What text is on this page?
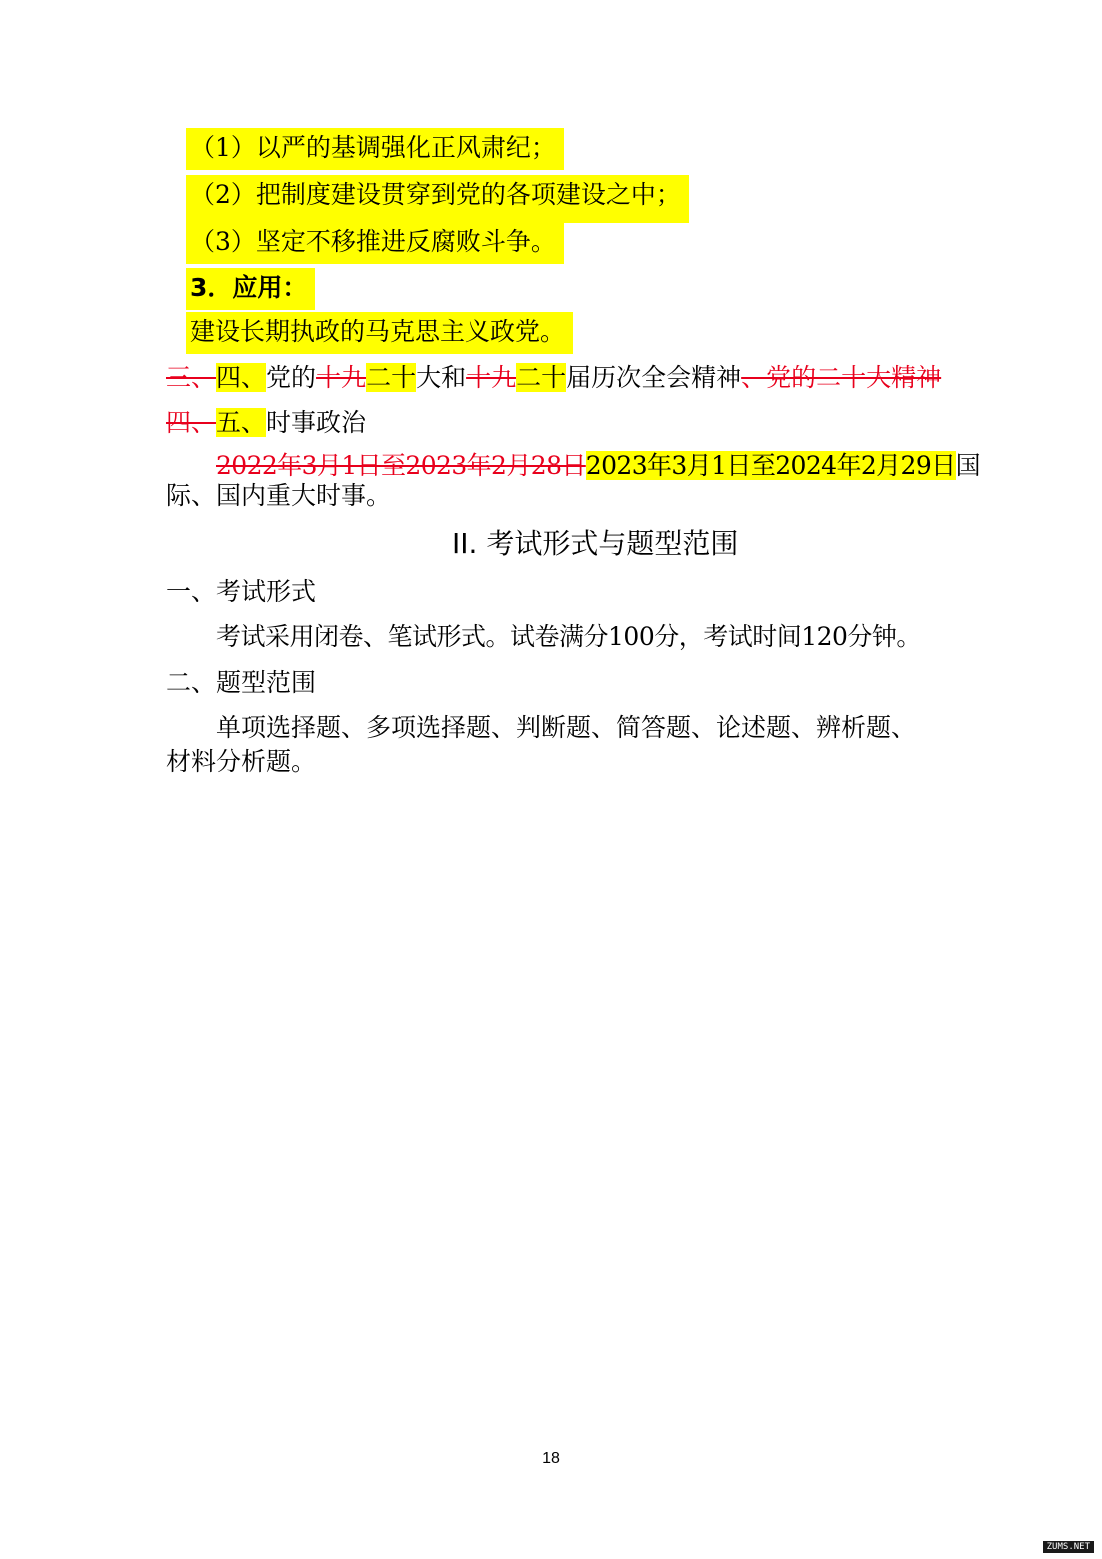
（1）以严的基调强化正风肃纪；
（2）把制度建设贯穿到党的各项建设之中；
（3）坚定不移推进反腐败斗争。
3．应用：
建设长期执政的马克思主义政党。
三、四、党的十九二十大和十九二十届历次全会精神、党的二十大精神
四、五、时事政治
2022年3月1日至2023年2月28日2023年3月1日至2024年2月29日国
际、国内重大时事。
II. 考试形式与题型范围
一、考试形式
考试采用闭卷、笔试形式。试卷满分100分，考试时间120分钟。
二、题型范围
单项选择题、多项选择题、判断题、简答题、论述题、辨析题、
材料分析题。
18
ZUMS.NET
